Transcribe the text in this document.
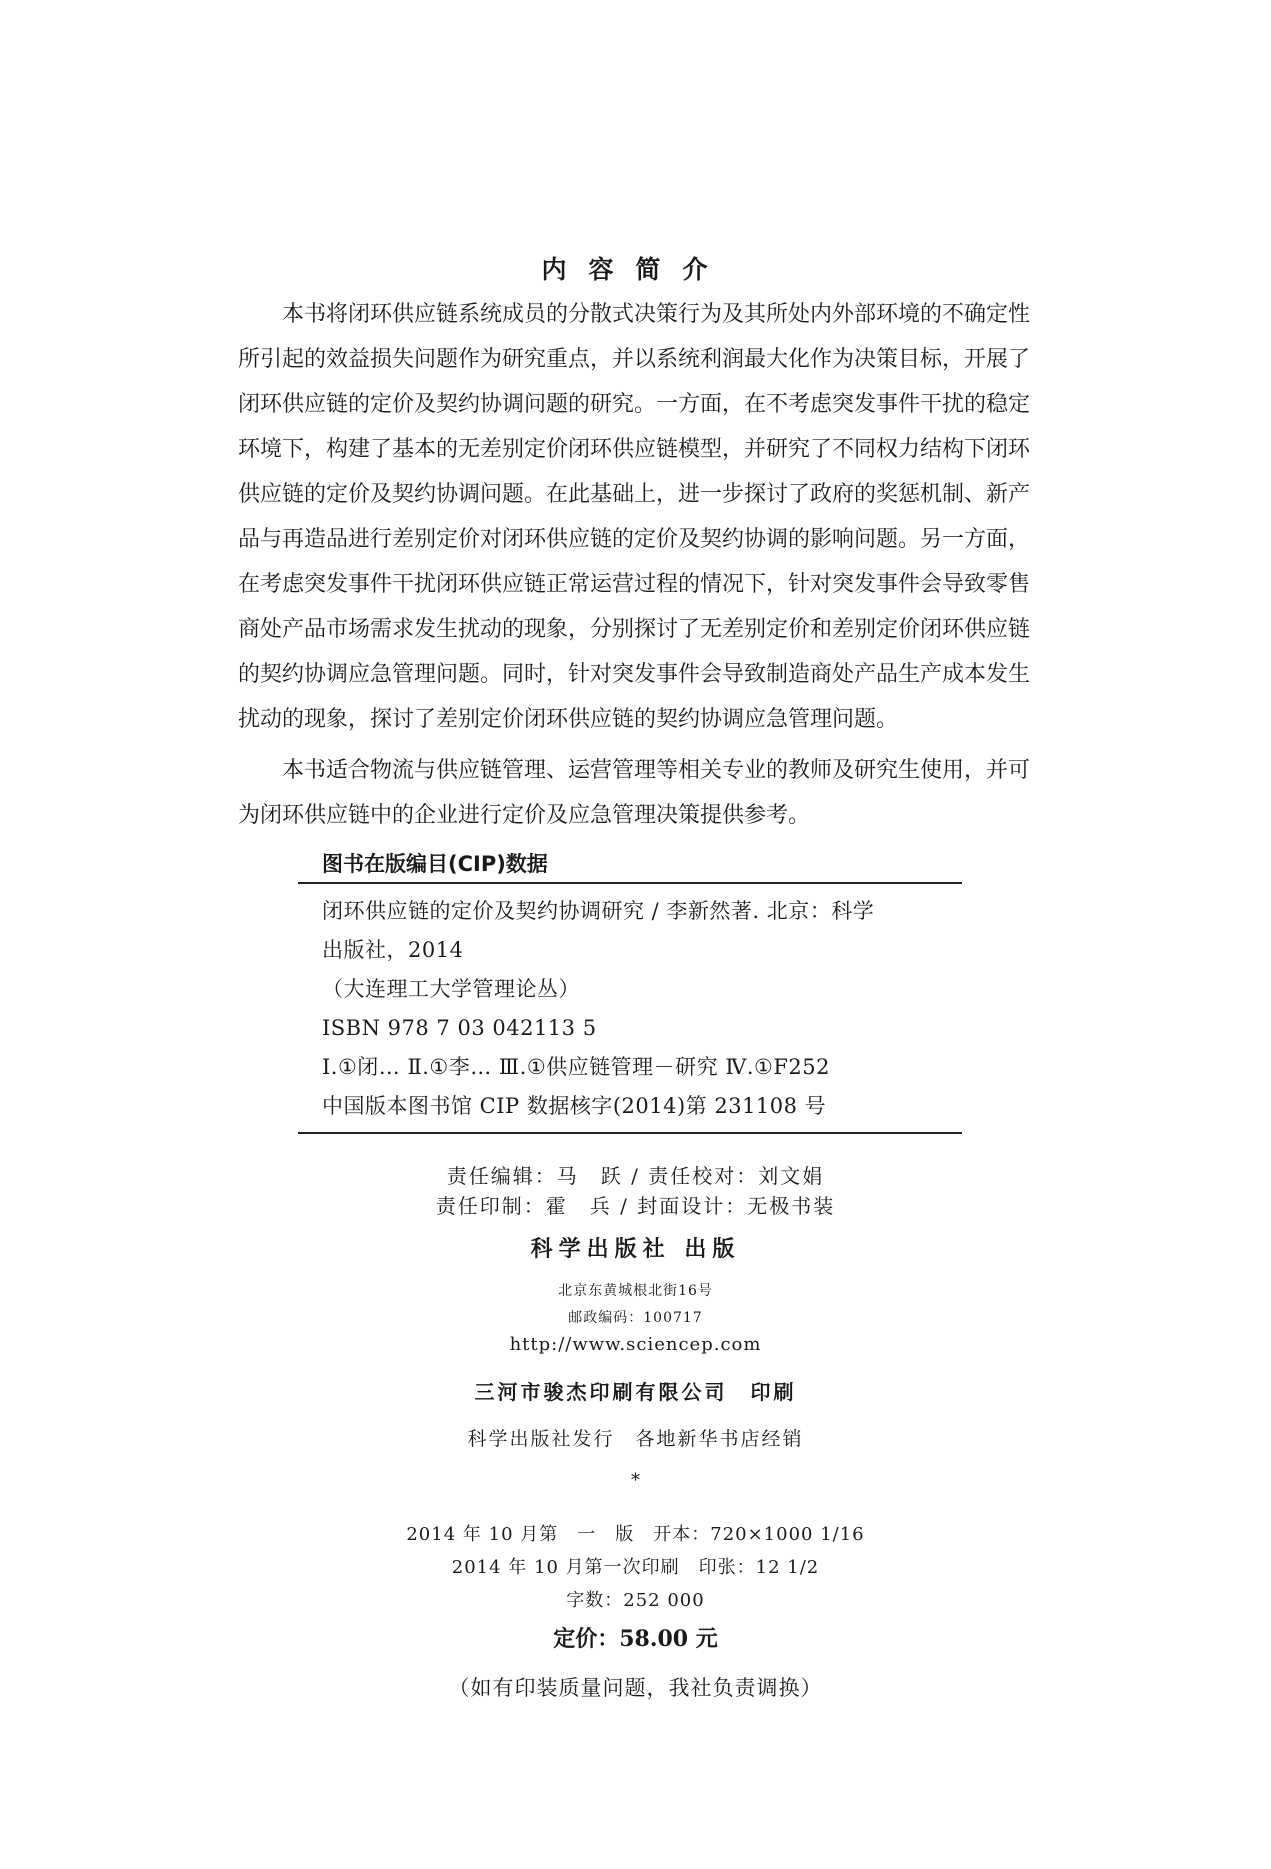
内容简介

本书将闭环供应链系统成员的分散式决策行为及其所处内外部环境的不确定性所引起的效益损失问题作为研究重点，并以系统利润最大化作为决策目标，开展了闭环供应链的定价及契约协调问题的研究。一方面，在不考虑突发事件干扰的稳定环境下，构建了基本的无差别定价闭环供应链模型，并研究了不同权力结构下闭环供应链的定价及契约协调问题。在此基础上，进一步探讨了政府的奖惩机制、新产品与再造品进行差别定价对闭环供应链的定价及契约协调的影响问题。另一方面，在考虑突发事件干扰闭环供应链正常运营过程的情况下，针对突发事件会导致零售商处产品市场需求发生扰动的现象，分别探讨了无差别定价和差别定价闭环供应链的契约协调应急管理问题。同时，针对突发事件会导致制造商处产品生产成本发生扰动的现象，探讨了差别定价闭环供应链的契约协调应急管理问题。

本书适合物流与供应链管理、运营管理等相关专业的教师及研究生使用，并可为闭环供应链中的企业进行定价及应急管理决策提供参考。

图书在版编目(CIP)数据
闭环供应链的定价及契约协调研究 / 李新然著. 北京：科学
出版社，2014
（大连理工大学管理论丛）
ISBN 978 7 03 042113 5
Ⅰ.①闭… Ⅱ.①李… Ⅲ.①供应链管理－研究 Ⅳ.①F252
中国版本图书馆 CIP 数据核字(2014)第 231108 号
责任编辑：马　跃 / 责任校对：刘文娟
责任印制：霍　兵 / 封面设计：无极书装
科学出版社 出版
北京东黄城根北街16号
邮政编码：100717
http://www.sciencep.com
三河市骏杰印刷有限公司　印刷
科学出版社发行　各地新华书店经销
*
2014 年 10 月第　一　版　开本：720×1000 1/16
2014 年 10 月第一次印刷　印张：12 1/2
字数：252 000
定价：58.00 元
（如有印装质量问题，我社负责调换）
